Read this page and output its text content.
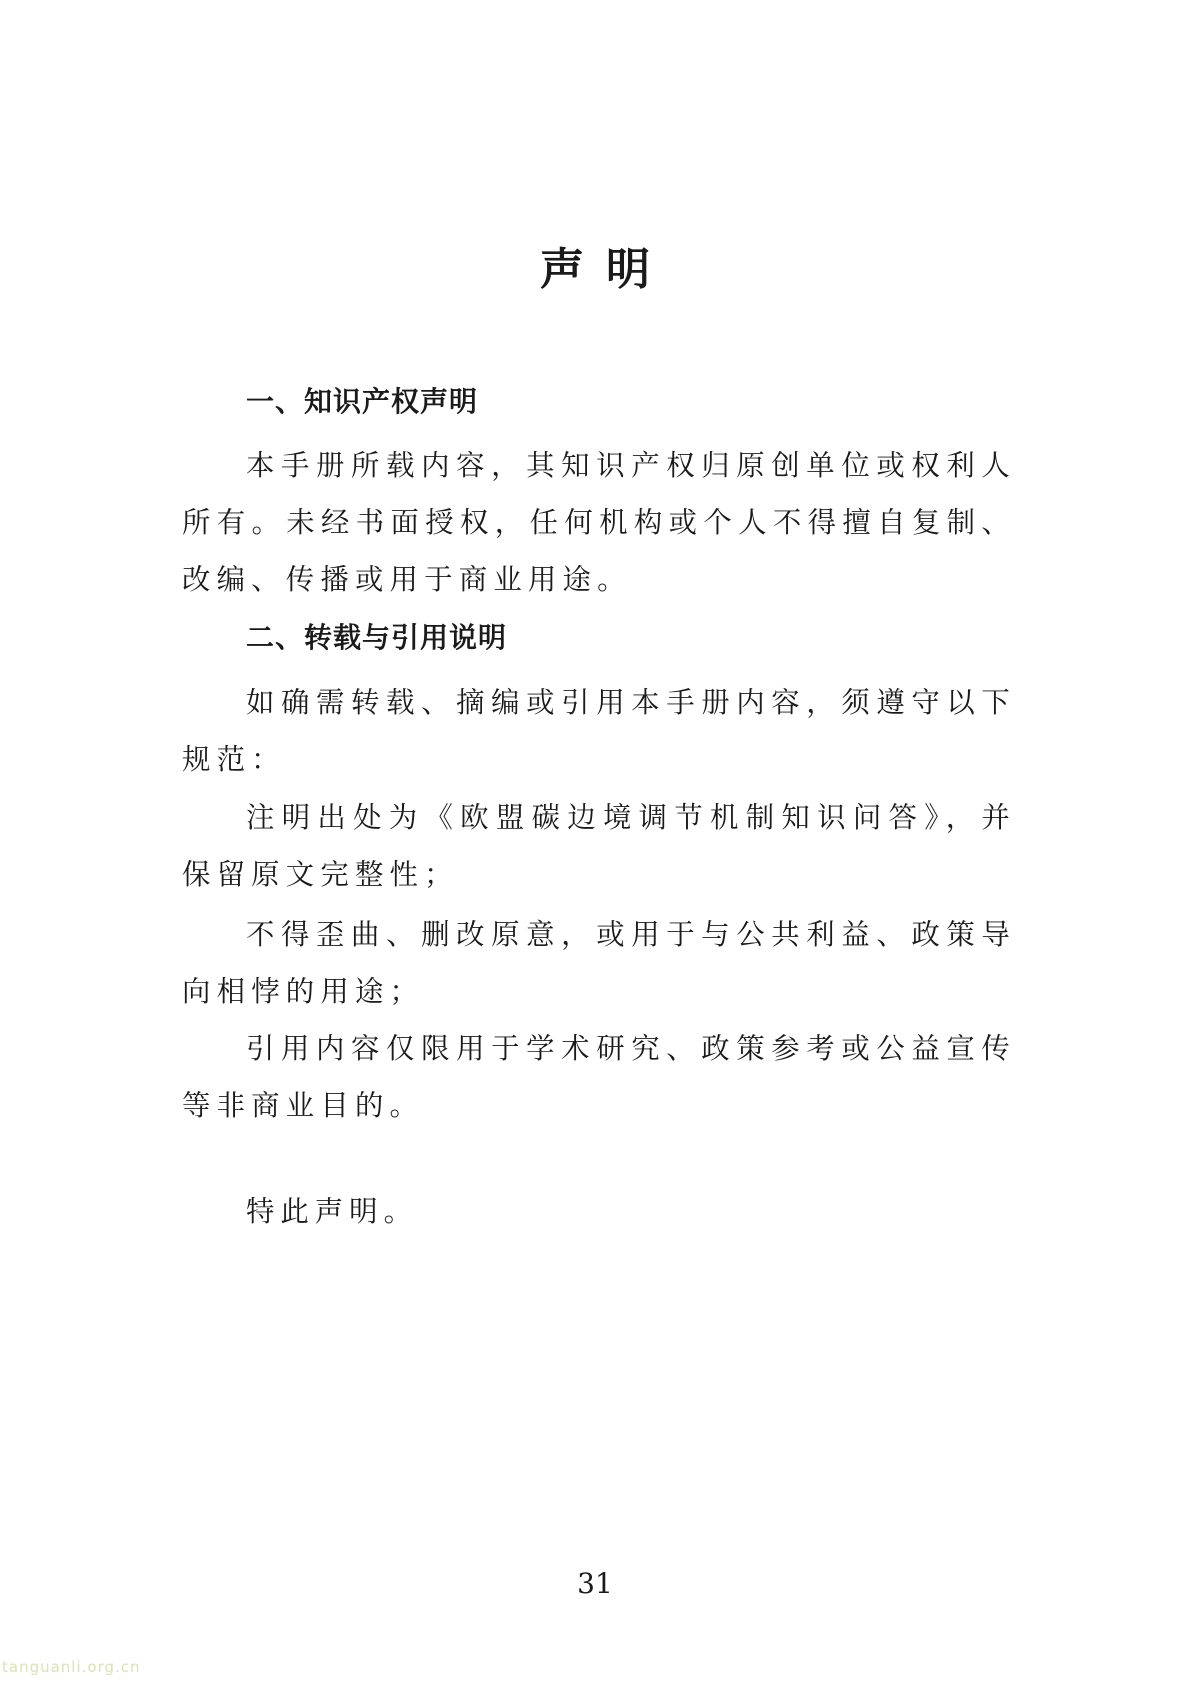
声明
一、知识产权声明
本手册所载内容，其知识产权归原创单位或权利人所有。未经书面授权，任何机构或个人不得擅自复制、改编、传播或用于商业用途。
二、转载与引用说明
如确需转载、摘编或引用本手册内容，须遵守以下规范：
注明出处为《欧盟碳边境调节机制知识问答》，并保留原文完整性；
不得歪曲、删改原意，或用于与公共利益、政策导向相悖的用途；
引用内容仅限用于学术研究、政策参考或公益宣传等非商业目的。
特此声明。
31
tanguanli.org.cn
